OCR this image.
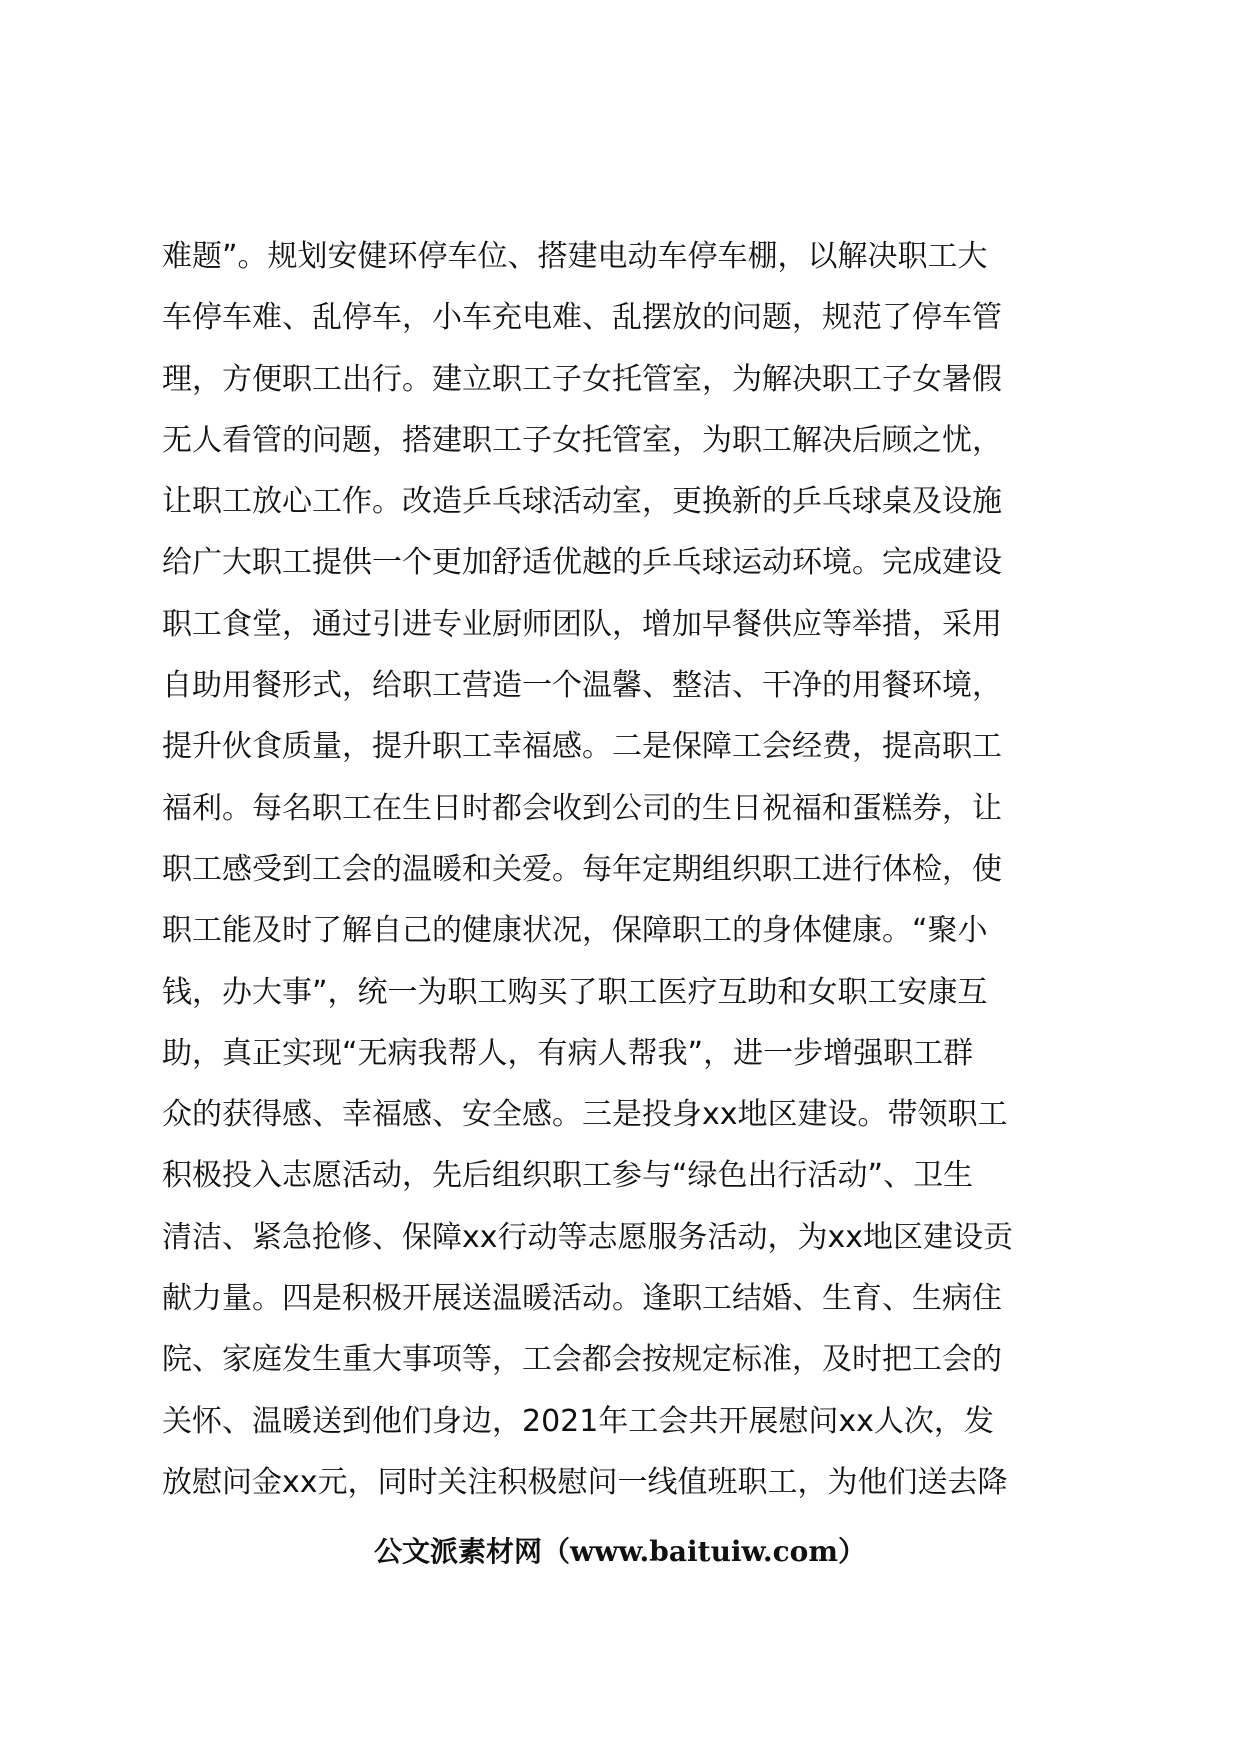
难题”。规划安健环停车位、搭建电动车停车棚，以解决职工大
车停车难、乱停车，小车充电难、乱摆放的问题，规范了停车管
理，方便职工出行。建立职工子女托管室，为解决职工子女暑假
无人看管的问题，搭建职工子女托管室，为职工解决后顾之忧，
让职工放心工作。改造乒乓球活动室，更换新的乒乓球桌及设施
给广大职工提供一个更加舒适优越的乒乓球运动环境。完成建设
职工食堂，通过引进专业厨师团队，增加早餐供应等举措，采用
自助用餐形式，给职工营造一个温馨、整洁、干净的用餐环境，
提升伙食质量，提升职工幸福感。二是保障工会经费，提高职工
福利。每名职工在生日时都会收到公司的生日祝福和蛋糕券，让
职工感受到工会的温暖和关爱。每年定期组织职工进行体检，使
职工能及时了解自己的健康状况，保障职工的身体健康。“聚小
钱，办大事”，统一为职工购买了职工医疗互助和女职工安康互
助，真正实现“无病我帮人，有病人帮我”，进一步增强职工群
众的获得感、幸福感、安全感。三是投身xx地区建设。带领职工
积极投入志愿活动，先后组织职工参与“绿色出行活动”、卫生
清洁、紧急抢修、保障xx行动等志愿服务活动，为xx地区建设贡
献力量。四是积极开展送温暖活动。逢职工结婚、生育、生病住
院、家庭发生重大事项等，工会都会按规定标准，及时把工会的
关怀、温暖送到他们身边，2021年工会共开展慰问xx人次，发
放慰问金xx元，同时关注积极慰问一线值班职工，为他们送去降
公文派素材网（www.baituiw.com）
